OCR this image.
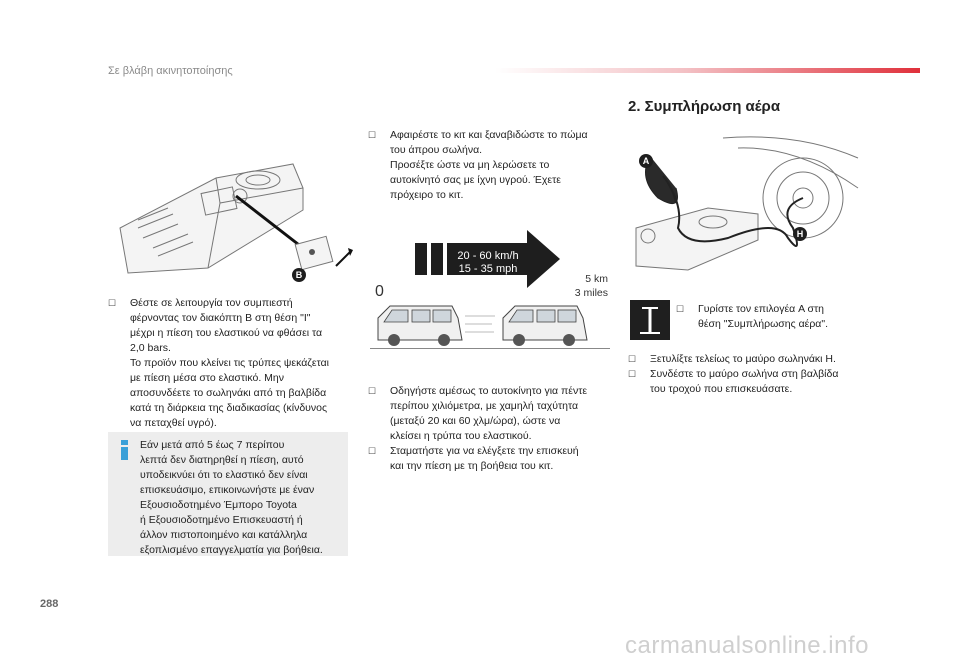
Σε βλάβη ακινητοποίησης
B
☐ Θέστε σε λειτουργία τον συμπιεστή
φέρνοντας τον διακόπτη B στη θέση "I"
μέχρι η πίεση του ελαστικού να φθάσει τα
2,0 bars.
Το προϊόν που κλείνει τις τρύπες ψεκάζεται
με πίεση μέσα στο ελαστικό. Μην
αποσυνδέετε το σωληνάκι από τη βαλβίδα
κατά τη διάρκεια της διαδικασίας (κίνδυνος
να πεταχθεί υγρό).
Εάν μετά από 5 έως 7 περίπου
λεπτά δεν διατηρηθεί η πίεση, αυτό
υποδεικνύει ότι το ελαστικό δεν είναι
επισκευάσιμο, επικοινωνήστε με έναν
Εξουσιοδοτημένο Έμπορο Toyota
ή Εξουσιοδοτημένο Επισκευαστή ή
άλλον πιστοποιημένο και κατάλληλα
εξοπλισμένο επαγγελματία για βοήθεια.
☐ Αφαιρέστε το κιτ και ξαναβιδώστε το πώμα
του άπρου σωλήνα.
Προσέξτε ώστε να μη λερώσετε το
αυτοκίνητό σας με ίχνη υγρού. Έχετε
πρόχειρο το κιτ.
20 - 60 km/h
15 - 35 mph
5 km
3 miles
0
☐ Οδηγήστε αμέσως το αυτοκίνητο για πέντε
περίπου χιλιόμετρα, με χαμηλή ταχύτητα
(μεταξύ 20 και 60 χλμ/ώρα), ώστε να
κλείσει η τρύπα του ελαστικού.
☐ Σταματήστε για να ελέγξετε την επισκευή
και την πίεση με τη βοήθεια του κιτ.
2. Συμπλήρωση αέρα
A
H
☐ Γυρίστε τον επιλογέα A στη
θέση "Συμπλήρωσης αέρα".
☐ Ξετυλίξτε τελείως το μαύρο σωληνάκι H.
☐ Συνδέστε το μαύρο σωλήνα στη βαλβίδα
του τροχού που επισκευάσατε.
288
carmanualsonline.info
